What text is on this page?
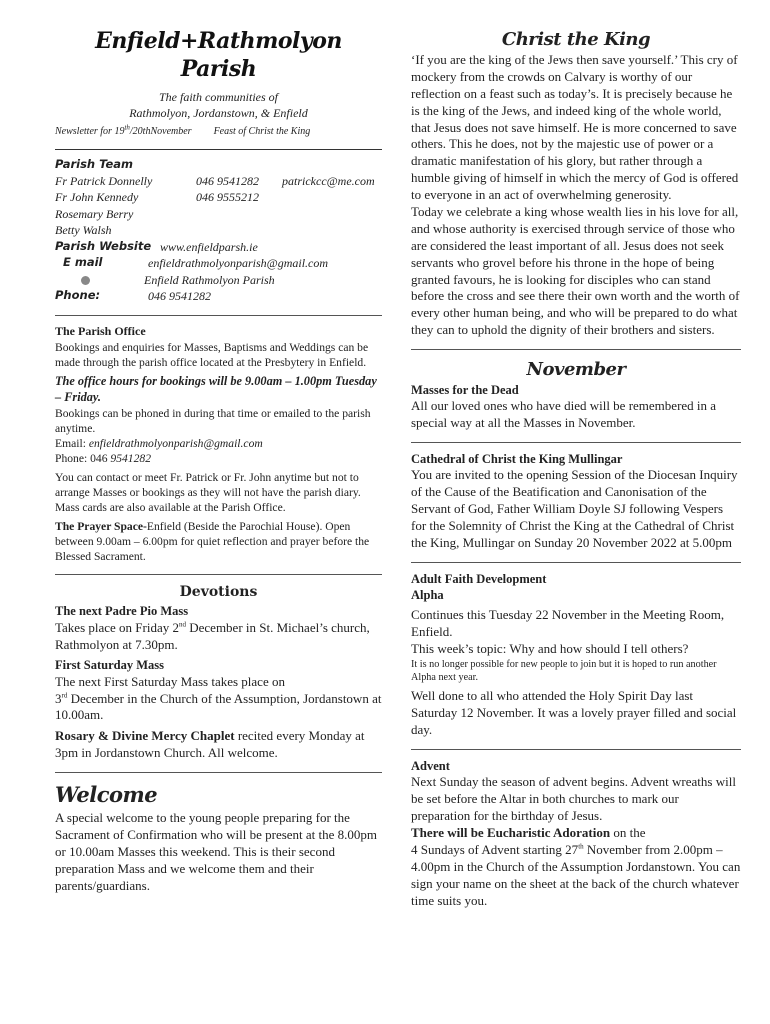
Enfield+Rathmolyon
Parish
The faith communities of
Rathmolyon, Jordanstown, & Enfield
Newsletter for 19th/20thNovember Feast of Christ the King
Parish Team
Fr Patrick Donnelly	046 9541282	patrickcc@me.com
Fr John Kennedy	046 9555212
Rosemary Berry
Betty Walsh
Parish Website www.enfieldparsh.ie
E mail	enfieldrathmolyonparish@gmail.com
Enfield Rathmolyon Parish
Phone:	046 9541282
The Parish Office
Bookings and enquiries for Masses, Baptisms and Weddings can be made through the parish office located at the Presbytery in Enfield.
The office hours for bookings will be 9.00am – 1.00pm Tuesday – Friday.
Bookings can be phoned in during that time or emailed to the parish anytime.
Email: enfieldrathmolyonparish@gmail.com
Phone: 046 9541282
You can contact or meet Fr. Patrick or Fr. John anytime but not to arrange Masses or bookings as they will not have the parish diary.
Mass cards are also available at the Parish Office.
The Prayer Space-Enfield (Beside the Parochial House). Open between 9.00am – 6.00pm for quiet reflection and prayer before the Blessed Sacrament.
Devotions
The next Padre Pio Mass
Takes place on Friday 2nd December in St. Michael’s church, Rathmolyon at 7.30pm.
First Saturday Mass
The next First Saturday Mass takes place on
3rd December in the Church of the Assumption, Jordanstown at 10.00am.
Rosary & Divine Mercy Chaplet recited every Monday at 3pm in Jordanstown Church. All welcome.
Welcome
A special welcome to the young people preparing for the Sacrament of Confirmation who will be present at the 8.00pm or 10.00am Masses this weekend. This is their second preparation Mass and we welcome them and their parents/guardians.
Christ the King
‘If you are the king of the Jews then save yourself.’ This cry of mockery from the crowds on Calvary is worthy of our reflection on a feast such as today’s. It is precisely because he is the king of the Jews, and indeed king of the whole world, that Jesus does not save himself. He is more concerned to save others. This he does, not by the majestic use of power or a dramatic manifestation of his glory, but rather through a humble giving of himself in which the mercy of God is offered to everyone in an act of overwhelming generosity.
Today we celebrate a king whose wealth lies in his love for all, and whose authority is exercised through service of those who are considered the least important of all. Jesus does not seek servants who grovel before his throne in the hope of being granted favours, he is looking for disciples who can stand before the cross and see there their own worth and the worth of every other human being, and who will be prepared to do what they can to uphold the dignity of their brothers and sisters.
November
Masses for the Dead
All our loved ones who have died will be remembered in a special way at all the Masses in November.
Cathedral of Christ the King Mullingar
You are invited to the opening Session of the Diocesan Inquiry of the Cause of the Beatification and Canonisation of the Servant of God, Father William Doyle SJ following Vespers for the Solemnity of Christ the King at the Cathedral of Christ the King, Mullingar on Sunday 20 November 2022 at 5.00pm
Adult Faith Development
Alpha
Continues this Tuesday 22 November in the Meeting Room, Enfield.
This week’s topic: Why and how should I tell others?
It is no longer possible for new people to join but it is hoped to run another Alpha next year.
Well done to all who attended the Holy Spirit Day last Saturday 12 November. It was a lovely prayer filled and social day.
Advent
Next Sunday the season of advent begins. Advent wreaths will be set before the Altar in both churches to mark our preparation for the birthday of Jesus.
There will be Eucharistic Adoration on the
4 Sundays of Advent starting 27th November from 2.00pm – 4.00pm in the Church of the Assumption Jordanstown. You can sign your name on the sheet at the back of the church whatever time suits you.
